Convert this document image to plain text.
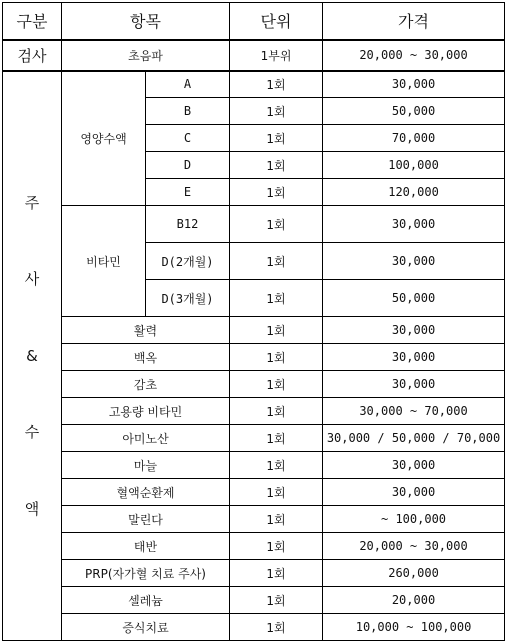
구분	항목		단위	가격
검사	초음파		1부위	20,000 ~ 30,000
주

사

&

수

액	영양수액	A	1회	30,000
		B	1회	50,000
		C	1회	70,000
		D	1회	100,000
		E	1회	120,000
	비타민	B12	1회	30,000
		D(2개월)	1회	30,000
		D(3개월)	1회	50,000
	활력		1회	30,000
	백옥		1회	30,000
	감초		1회	30,000
	고용량 비타민		1회	30,000 ~ 70,000
	아미노산		1회	30,000 / 50,000 / 70,000
	마늘		1회	30,000
	혈액순환제		1회	30,000
	말린다		1회	~ 100,000
	태반		1회	20,000 ~ 30,000
	PRP(자가혈 치료 주사)		1회	260,000
	셀레늄		1회	20,000
	증식치료		1회	10,000 ~ 100,000
